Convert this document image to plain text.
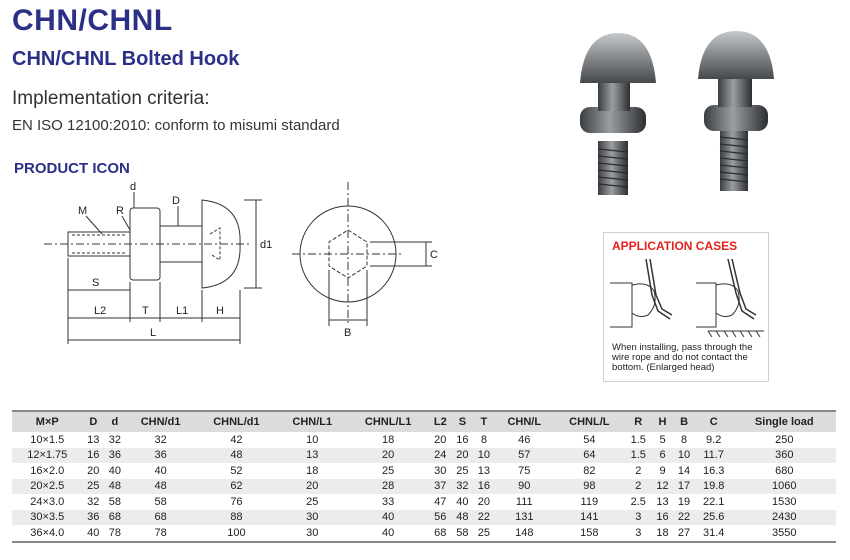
CHN/CHNL
CHN/CHNL Bolted Hook
Implementation criteria:
EN ISO 12100:2010: conform to misumi standard
PRODUCT ICON
M	R
d
D
d1
S
L2	T L1	H
L	B
C
APPLICATION CASES
When installing, pass through the wire rope and do not contact the bottom. (Enlarged head)
M×P	D	d	CHN/d1	CHNL/d1	CHN/L1	CHNL/L1	L2	S	T	CHN/L	CHNL/L	R	H	B	C	Single load
10×1.5	13	32	32	42	10	18	20	16	8	46	54	1.5	5	8	9.2	250
12×1.75	16	36	36	48	13	20	24	20	10	57	64	1.5	6	10	11.7	360
16×2.0	20	40	40	52	18	25	30	25	13	75	82	2	9	14	16.3	680
20×2.5	25	48	48	62	20	28	37	32	16	90	98	2	12	17	19.8	1060
24×3.0	32	58	58	76	25	33	47	40	20	111	119	2.5	13	19	22.1	1530
30×3.5	36	68	68	88	30	40	56	48	22	131	141	3	16	22	25.6	2430
36×4.0	40	78	78	100	30	40	68	58	25	148	158	3	18	27	31.4	3550
